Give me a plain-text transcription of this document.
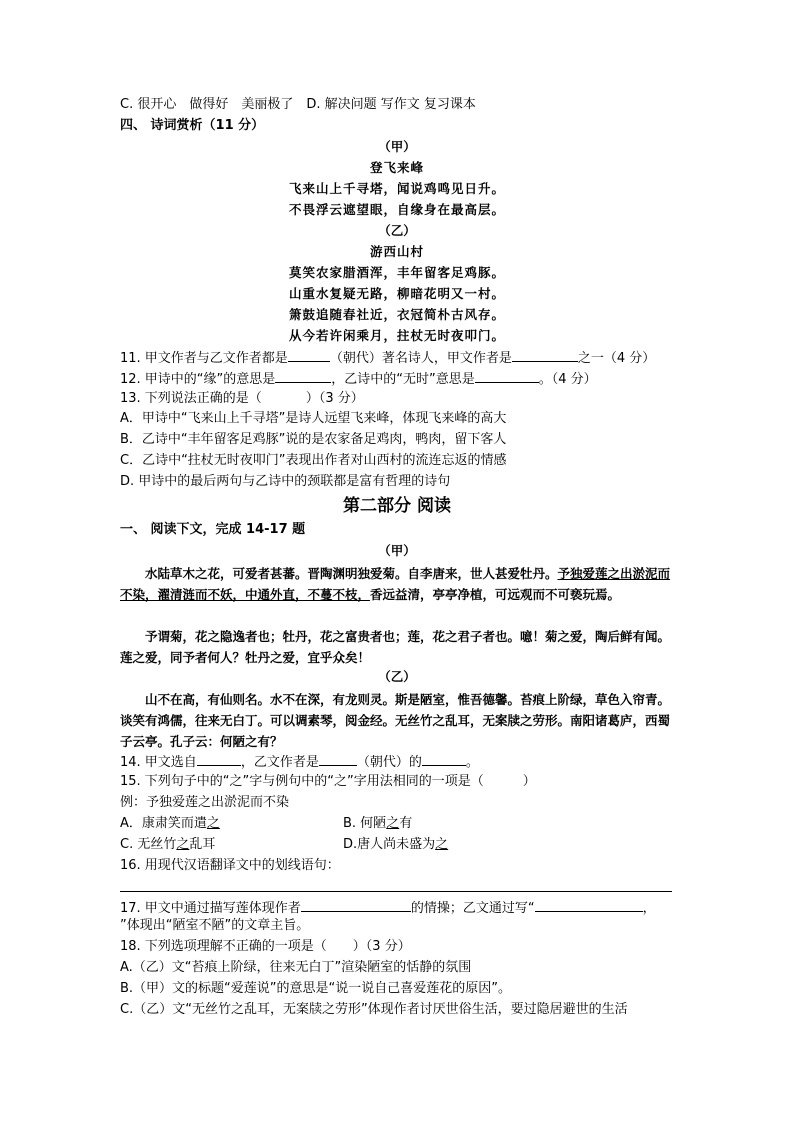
C. 很开心　做得好　美丽极了　D. 解决问题 写作文 复习课本
四、 诗词赏析（11 分）
（甲）
登飞来峰
飞来山上千寻塔，闻说鸡鸣见日升。
不畏浮云遮望眼，自缘身在最高层。
（乙）
游西山村
莫笑农家腊酒浑，丰年留客足鸡豚。
山重水复疑无路，柳暗花明又一村。
箫鼓追随春社近，衣冠简朴古风存。
从今若许闲乘月，拄杖无时夜叩门。
11. 甲文作者与乙文作者都是	（朝代）著名诗人，甲文作者是	之一（4 分）
12. 甲诗中的“缘”的意思是	，乙诗中的“无时”意思是	。（4 分）
13. 下列说法正确的是（	）（3 分）
A．甲诗中“飞来山上千寻塔”是诗人远望飞来峰，体现飞来峰的高大
B．乙诗中“丰年留客足鸡豚”说的是农家备足鸡肉，鸭肉，留下客人
C．乙诗中“拄杖无时夜叩门”表现出作者对山西村的流连忘返的情感
D. 甲诗中的最后两句与乙诗中的颈联都是富有哲理的诗句
第二部分 阅读
一、 阅读下文，完成 14-17 题
（甲）
水陆草木之花，可爱者甚蕃。晋陶渊明独爱菊。自李唐来，世人甚爱牡丹。予独爱莲之出淤泥而不染，濯清涟而不妖，中通外直，不蔓不枝，香远益清，亭亭净植，可远观而不可亵玩焉。
予谓菊，花之隐逸者也；牡丹，花之富贵者也；莲，花之君子者也。噫！菊之爱，陶后鲜有闻。莲之爱，同予者何人？牡丹之爱，宜乎众矣！
（乙）
山不在高，有仙则名。水不在深，有龙则灵。斯是陋室，惟吾德馨。苔痕上阶绿，草色入帘青。谈笑有鸿儒，往来无白丁。可以调素琴，阅金经。无丝竹之乱耳，无案牍之劳形。南阳诸葛庐，西蜀子云亭。孔子云：何陋之有？
14. 甲文选自	，乙文作者是	（朝代）的	。
15. 下列句子中的“之”字与例句中的“之”字用法相同的一项是（　　　）
例：予独爱莲之出淤泥而不染
A．康肃笑而遣之	B. 何陋之有
C. 无丝竹之乱耳	D.唐人尚未盛为之
16. 用现代汉语翻译文中的划线语句：
17. 甲文中通过描写莲体现作者	的情操；乙文通过写“	，
”体现出“陋室不陋”的文章主旨。
18. 下列选项理解不正确的一项是（　　）（3 分）
A.（乙）文“苔痕上阶绿，往来无白丁”渲染陋室的恬静的氛围
B.（甲）文的标题“爱莲说”的意思是“说一说自己喜爱莲花的原因”。
C.（乙）文“无丝竹之乱耳，无案牍之劳形”体现作者讨厌世俗生活，要过隐居避世的生活
